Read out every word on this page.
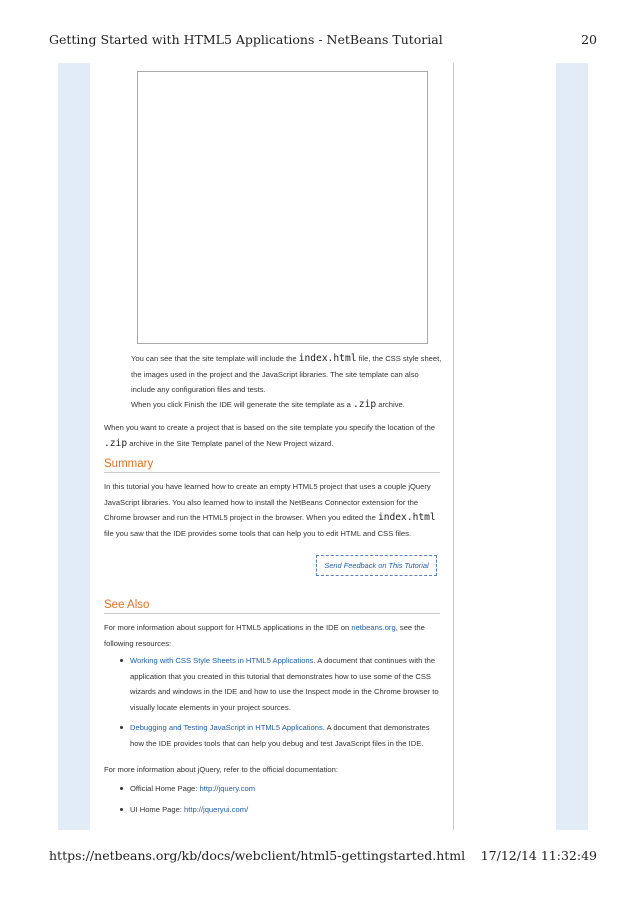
Getting Started with HTML5 Applications - NetBeans Tutorial	20
You can see that the site template will include the index.html file, the CSS style sheet, the images used in the project and the JavaScript libraries. The site template can also include any configuration files and tests.
When you click Finish the IDE will generate the site template as a .zip archive.
When you want to create a project that is based on the site template you specify the location of the .zip archive in the Site Template panel of the New Project wizard.
Summary
In this tutorial you have learned how to create an empty HTML5 project that uses a couple jQuery JavaScript libraries. You also learned how to install the NetBeans Connector extension for the Chrome browser and run the HTML5 project in the browser. When you edited the index.html file you saw that the IDE provides some tools that can help you to edit HTML and CSS files.
Send Feedback on This Tutorial
See Also
For more information about support for HTML5 applications in the IDE on netbeans.org, see the following resources:
Working with CSS Style Sheets in HTML5 Applications. A document that continues with the application that you created in this tutorial that demonstrates how to use some of the CSS wizards and windows in the IDE and how to use the Inspect mode in the Chrome browser to visually locate elements in your project sources.
Debugging and Testing JavaScript in HTML5 Applications. A document that demonstrates how the IDE provides tools that can help you debug and test JavaScript files in the IDE.
For more information about jQuery, refer to the official documentation:
Official Home Page: http://jquery.com
UI Home Page: http://jqueryui.com/
https://netbeans.org/kb/docs/webclient/html5-gettingstarted.html 17/12/14 11:32:49
